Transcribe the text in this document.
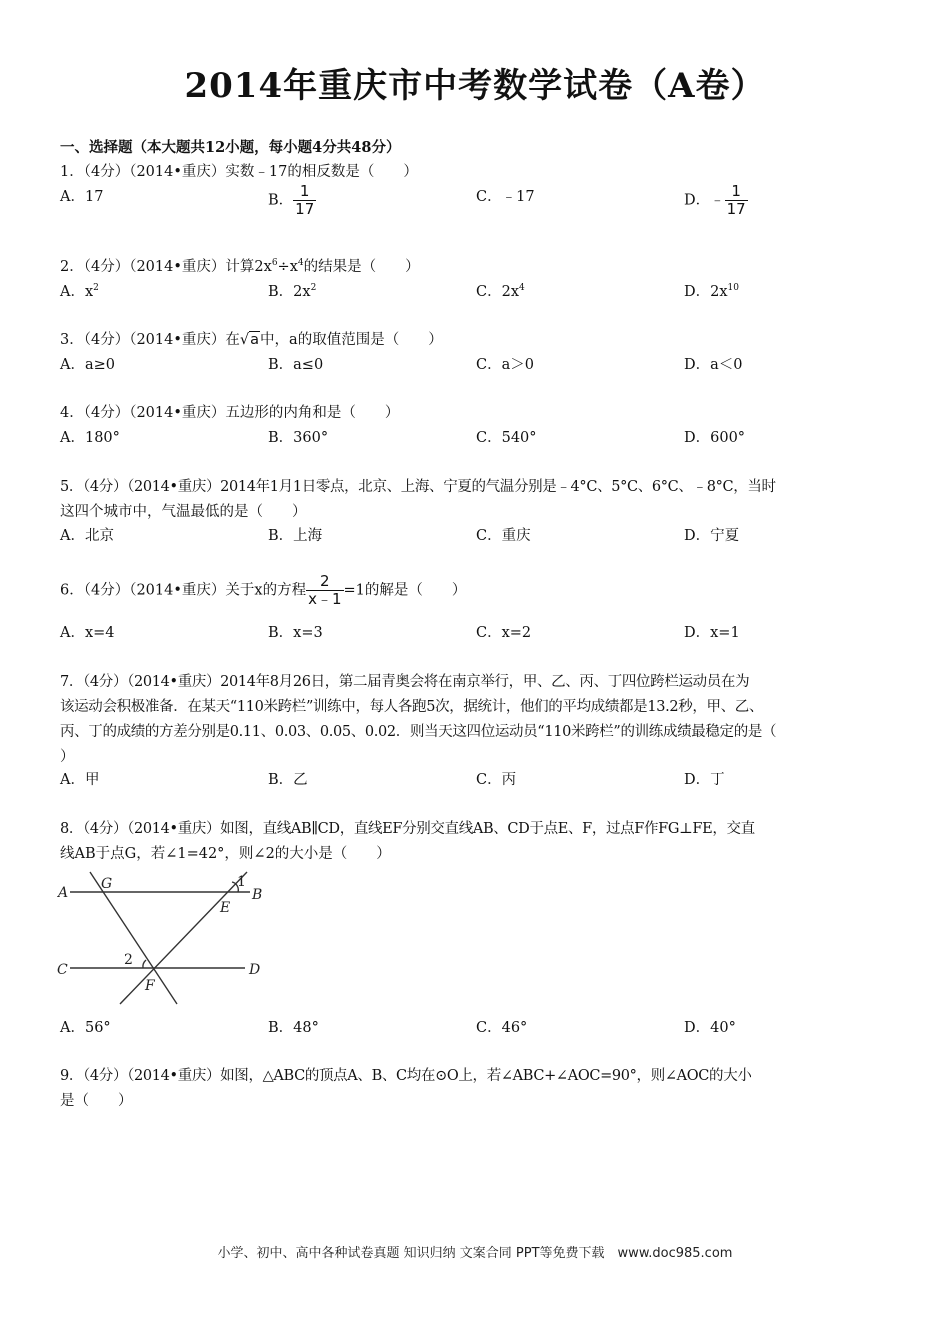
2014年重庆市中考数学试卷（A卷）
一、选择题（本大题共12小题，每小题4分共48分）
1．（4分）（2014•重庆）实数﹣17的相反数是（　　）
A．17	B． $\frac{1}{17}$	C．﹣17	D．﹣ $\frac{1}{17}$
2．（4分）（2014•重庆）计算$2x^6\div x^4$的结果是（　　）
A．$x^2$	B．$2x^2$	C．$2x^4$	D．$2x^{10}$
3．（4分）（2014•重庆）在√a中，a的取值范围是（　　）
A．a≥0	B．a≤0	C．a＞0	D．a＜0
4．（4分）（2014•重庆）五边形的内角和是（　　）
A．180°	B．360°	C．540°	D．600°
5．（4分）（2014•重庆）2014年1月1日零点，北京、上海、宁夏的气温分别是﹣4°C、5°C、6°C、﹣8°C，当时
这四个城市中，气温最低的是（　　）
A．北京	B．上海	C．重庆	D．宁夏
6．（4分）（2014•重庆）关于x的方程 $\frac{2}{x﹣1} =1$的解是（　　）
A．x=4	B．x=3	C．x=2	D．x=1
7．（4分）（2014•重庆）2014年8月26日，第二届青奥会将在南京举行，甲、乙、丙、丁四位跨栏运动员在为
该运动会积极准备．在某天“110米跨栏”训练中，每人各跑5次，据统计，他们的平均成绩都是13.2秒，甲、乙、
丙、丁的成绩的方差分别是0.11、0.03、0.05、0.02．则当天这四位运动员“110米跨栏”的训练成绩最稳定的是（
）
A．甲	B．乙	C．丙	D．丁
8．（4分）（2014•重庆）如图，直线AB∥CD，直线EF分别交直线AB、CD于点E、F，过点F作FG⊥FE，交直
线AB于点G，若∠1=42°，则∠2的大小是（　　）
A
G	1
B
E
C
2
D
F
A．56°	B．48°	C．46°	D．40°
9．（4分）（2014•重庆）如图，△ABC的顶点A、B、C均在⊙O上，若∠ABC+∠AOC=90°，则∠AOC的大小
是（　　）
小学、初中、高中各种试卷真题 知识归纳 文案合同 PPT等免费下载　www.doc985.com
